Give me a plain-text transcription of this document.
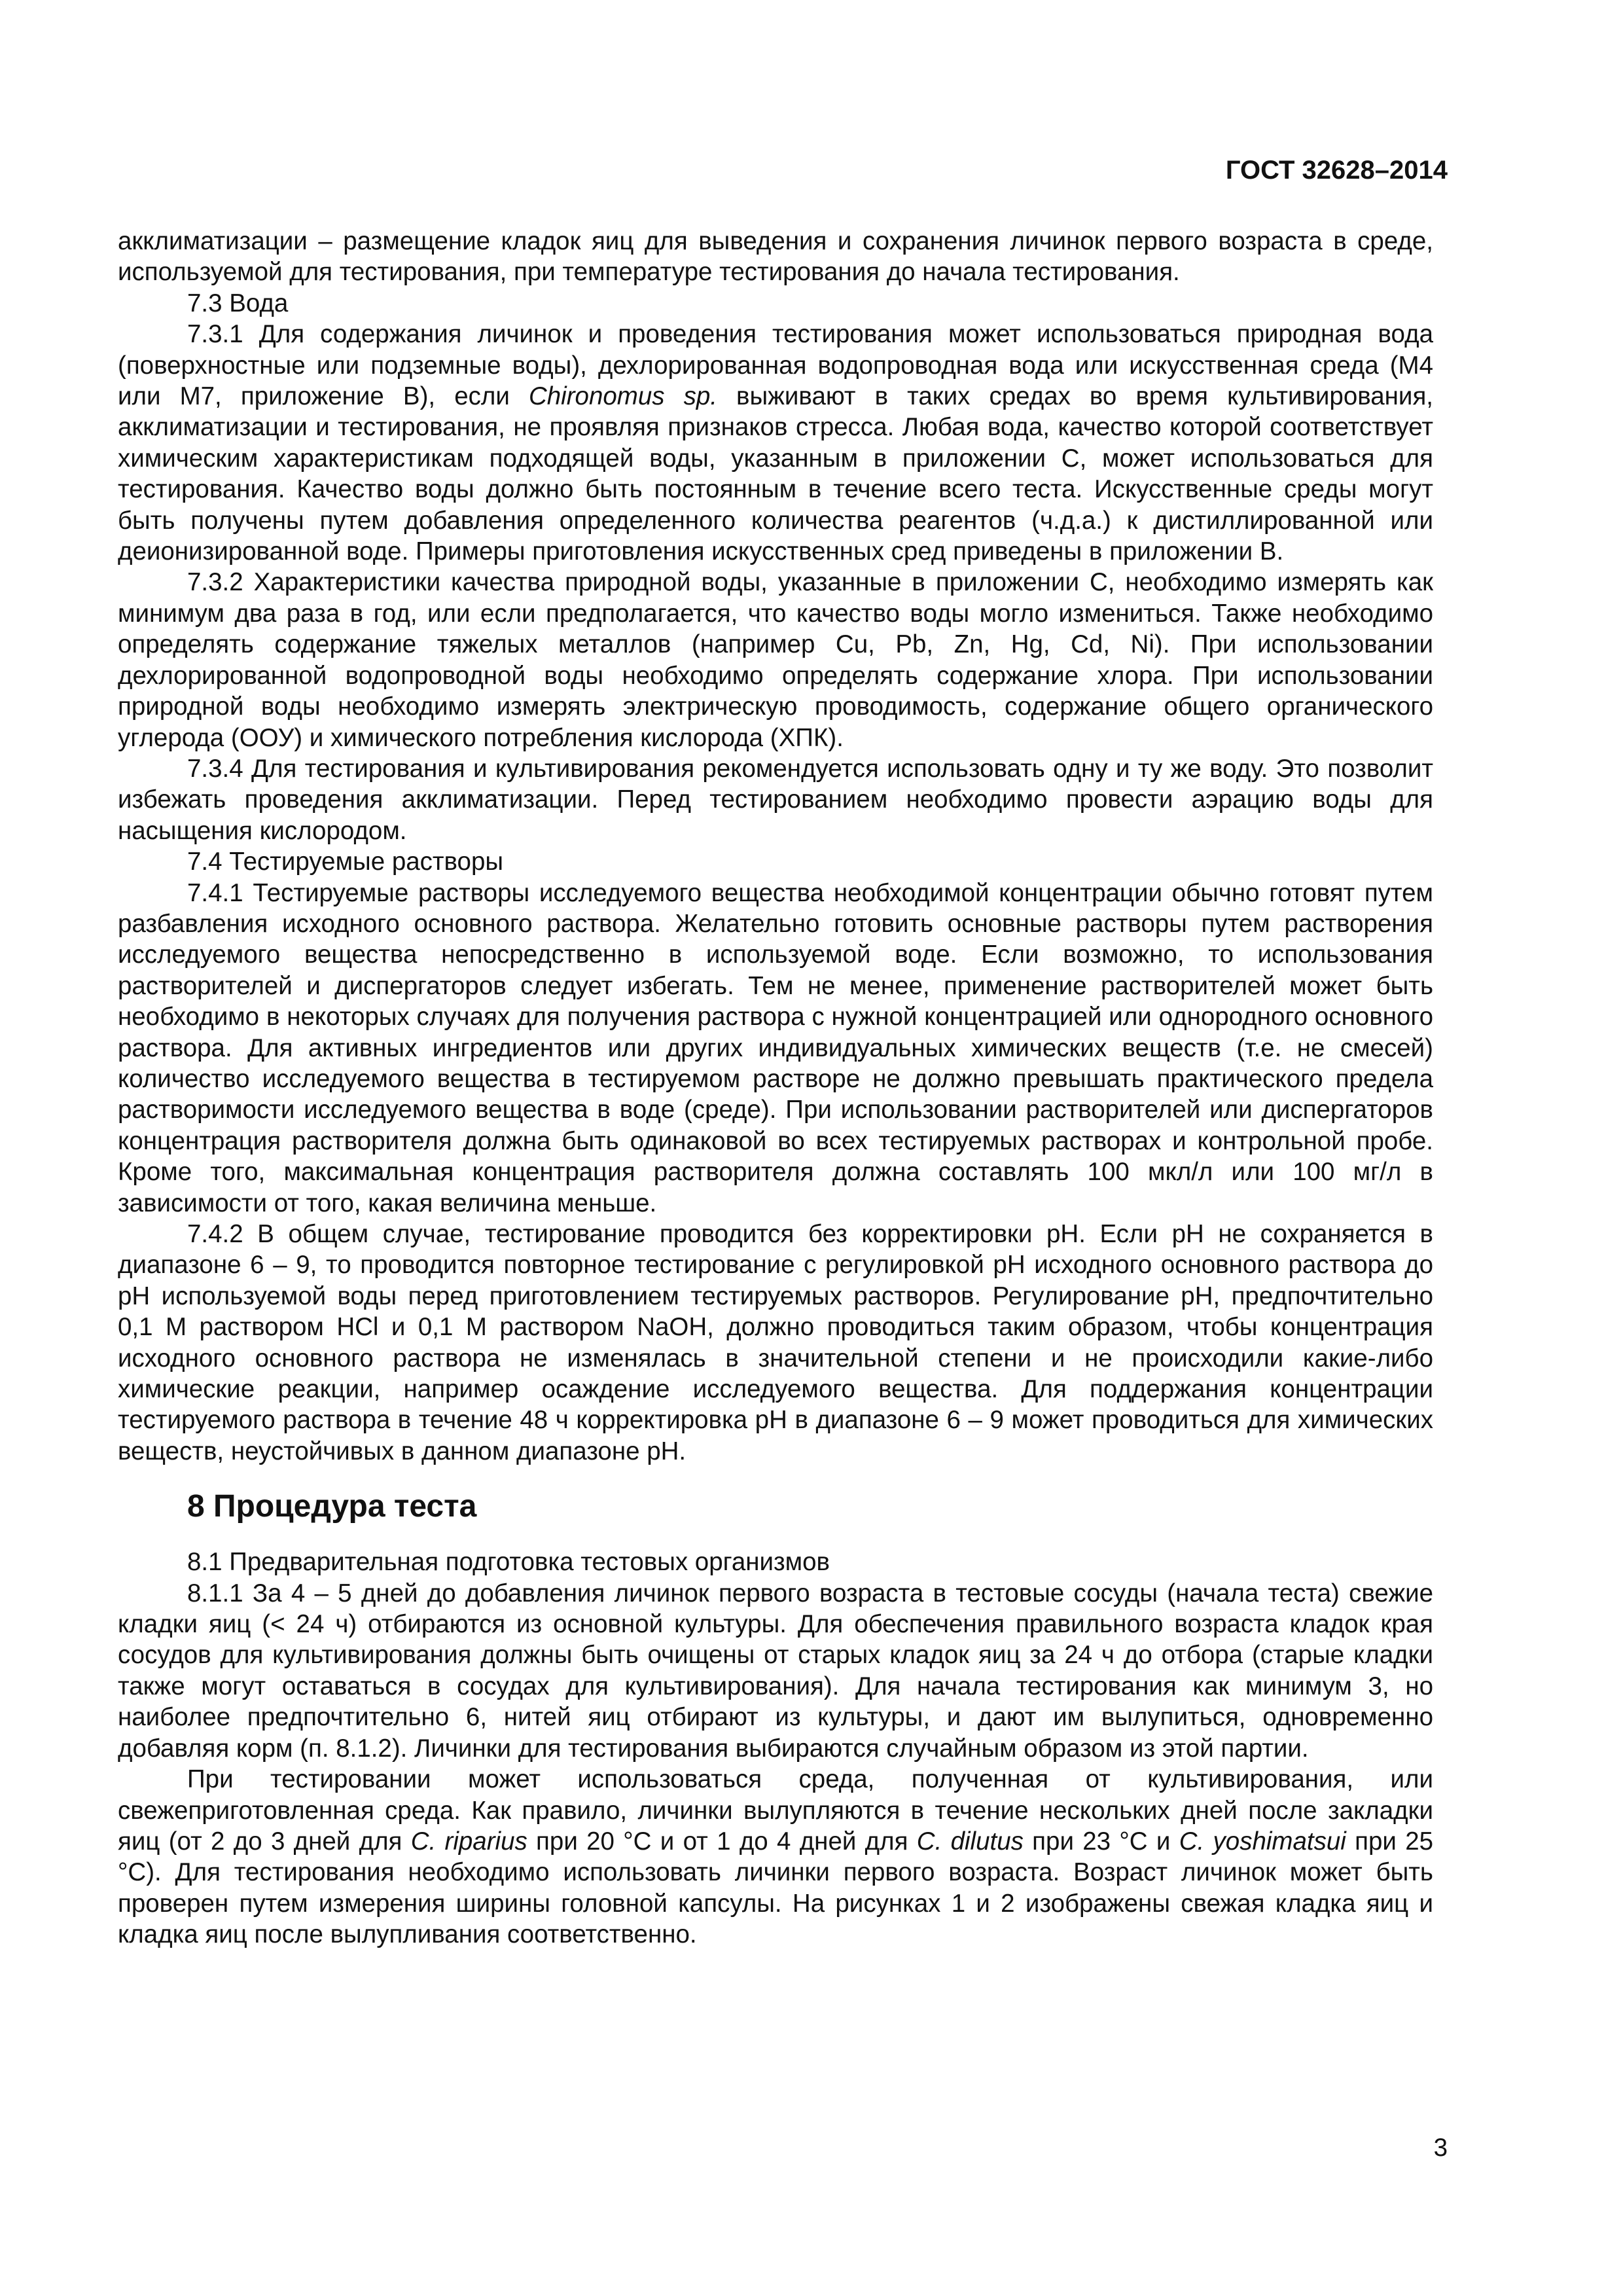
ГОСТ 32628–2014

акклиматизации – размещение кладок яиц для выведения и сохранения личинок первого возраста в среде, используемой для тестирования, при температуре тестирования до начала тестирования.

7.3 Вода

7.3.1 Для содержания личинок и проведения тестирования может использоваться природная вода (поверхностные или подземные воды), дехлорированная водопроводная вода или искусственная среда (М4 или М7, приложение В), если Chironomus sp. выживают в таких средах во время культивирования, акклиматизации и тестирования, не проявляя признаков стресса. Любая вода, качество которой соответствует химическим характеристикам подходящей воды, указанным в приложении С, может использоваться для тестирования. Качество воды должно быть постоянным в течение всего теста. Искусственные среды могут быть получены путем добавления определенного количества реагентов (ч.д.а.) к дистиллированной или деионизированной воде. Примеры приготовления искусственных сред приведены в приложении В.

7.3.2 Характеристики качества природной воды, указанные в приложении С, необходимо измерять как минимум два раза в год, или если предполагается, что качество воды могло измениться. Также необходимо определять содержание тяжелых металлов (например Cu, Pb, Zn, Hg, Cd, Ni). При использовании дехлорированной водопроводной воды необходимо определять содержание хлора. При использовании природной воды необходимо измерять электрическую проводимость, содержание общего органического углерода (ООУ) и химического потребления кислорода (ХПК).

7.3.4 Для тестирования и культивирования рекомендуется использовать одну и ту же воду. Это позволит избежать проведения акклиматизации. Перед тестированием необходимо провести аэрацию воды для насыщения кислородом.

7.4 Тестируемые растворы

7.4.1 Тестируемые растворы исследуемого вещества необходимой концентрации обычно готовят путем разбавления исходного основного раствора. Желательно готовить основные растворы путем растворения исследуемого вещества непосредственно в используемой воде. Если возможно, то использования растворителей и диспергаторов следует избегать. Тем не менее, применение растворителей может быть необходимо в некоторых случаях для получения раствора с нужной концентрацией или однородного основного раствора. Для активных ингредиентов или других индивидуальных химических веществ (т.е. не смесей) количество исследуемого вещества в тестируемом растворе не должно превышать практического предела растворимости исследуемого вещества в воде (среде). При использовании растворителей или диспергаторов концентрация растворителя должна быть одинаковой во всех тестируемых растворах и контрольной пробе. Кроме того, максимальная концентрация растворителя должна составлять 100 мкл/л или 100 мг/л в зависимости от того, какая величина меньше.

7.4.2 В общем случае, тестирование проводится без корректировки pH. Если pH не сохраняется в диапазоне 6 – 9, то проводится повторное тестирование с регулировкой pH исходного основного раствора до pH используемой воды перед приготовлением тестируемых растворов. Регулирование pH, предпочтительно 0,1 М раствором HCl и 0,1 М раствором NaOH, должно проводиться таким образом, чтобы концентрация исходного основного раствора не изменялась в значительной степени и не происходили какие-либо химические реакции, например осаждение исследуемого вещества. Для поддержания концентрации тестируемого раствора в течение 48 ч корректировка pH в диапазоне 6 – 9 может проводиться для химических веществ, неустойчивых в данном диапазоне pH.

8 Процедура теста

8.1 Предварительная подготовка тестовых организмов

8.1.1 За 4 – 5 дней до добавления личинок первого возраста в тестовые сосуды (начала теста) свежие кладки яиц (< 24 ч) отбираются из основной культуры. Для обеспечения правильного возраста кладок края сосудов для культивирования должны быть очищены от старых кладок яиц за 24 ч до отбора (старые кладки также могут оставаться в сосудах для культивирования). Для начала тестирования как минимум 3, но наиболее предпочтительно 6, нитей яиц отбирают из культуры, и дают им вылупиться, одновременно добавляя корм (п. 8.1.2). Личинки для тестирования выбираются случайным образом из этой партии.

При тестировании может использоваться среда, полученная от культивирования, или свежеприготовленная среда. Как правило, личинки вылупляются в течение нескольких дней после закладки яиц (от 2 до 3 дней для C. riparius при 20 °С и от 1 до 4 дней для C. dilutus при 23 °С и C. yoshimatsui при 25 °С). Для тестирования необходимо использовать личинки первого возраста. Возраст личинок может быть проверен путем измерения ширины головной капсулы. На рисунках 1 и 2 изображены свежая кладка яиц и кладка яиц после вылупливания соответственно.

3
